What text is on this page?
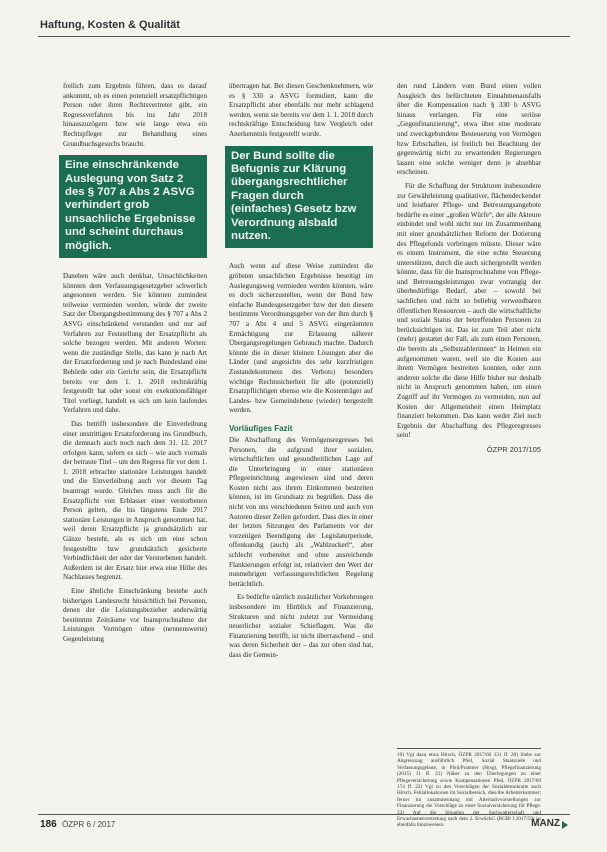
Haftung, Kosten & Qualität

freilich zum Ergebnis führen, dass es darauf ankommt, ob es einen potenziell ersatzpflichtigen Person oder ihren Rechtsvertreter gibt, ein Regressverfahren bis ins Jahr 2018 hinauszuzögern bzw wie lange etwa ein Rechtspfleger zur Behandlung eines Grundbuchsgesuchs braucht.

Eine einschränkende Auslegung von Satz 2 des § 707 a Abs 2 ASVG verhindert grob unsachliche Ergebnisse und scheint durchaus möglich.

Daneben wäre auch denkbar, Unsachlichkeiten könnten dem Verfassungsgesetzgeber schwerlich angesonnen werden. Sie könnten zumindest teilweise vermieden werden, würde der zweite Satz der Übergangsbestimmung des § 707 a Abs 2 ASVG einschränkend verstanden und nur auf Verfahren zur Feststellung der Ersatzpflicht als solche bezogen werden. Mit anderen Worten: wenn die zuständige Stelle, das kann je nach Art der Ersatzforderung und je nach Bundesland eine Behörde oder ein Gericht sein, die Ersatzpflicht bereits vor dem 1. 1. 2018 rechtskräftig festgestellt hat oder sonst ein exekutionsfähiger Titel vorliegt, handelt es sich um kein laufendes Verfahren und dahe.

Das betrifft insbesondere die Einverleibung einer unstrittigen Ersatzforderung ins Grundbuch, die demnach auch noch nach dem 31. 12. 2017 erfolgen kann, sofern es sich – wie auch vormals der betraute Titel – um den Regress für vor dem 1. 1. 2018 erbrachte stationäre Leistungen handelt und die Einverleibung auch vor diesem Tag beantragt wurde. Gleiches muss auch für die Ersatzpflicht von Erblasser einer verstorbenen Person gelten, die bis längstens Ende 2017 stationäre Leistungen in Anspruch genommen hat, weil deren Ersatzpflicht ja grundsätzlich zur Gänze besteht, als es sich um eine schon festgestellte bzw grundsätzlich gesicherte Verbindlichkeit der oder der Verstorbenen handelt. Außerdem ist der Ersatz hier etwa eine Höhe des Nachlasses begrenzt.

Eine ähnliche Einschränkung bestehe auch bisherigen Landesrecht hinsichtlich bei Personen, denen der die Leistungsbezieher anderwärtig bestimmte Zeiträume vor Inanspruchnahme der Leistungen Vermögen ohne (nennenswerte) Gegenleistung

übertragen hat. Bei diesen Geschenknehmern, wie es § 330 a ASVG formuliert, kann die Ersatzpflicht aber ebenfalls nur mehr schlagend werden, wenn sie bereits vor dem 1. 1. 2018 durch rechtskräftige Entscheidung bzw Vergleich oder Anerkenntnis festgestellt wurde.

Der Bund sollte die Befugnis zur Klärung übergangsrechtlicher Fragen durch (einfaches) Gesetz bzw Verordnung alsbald nutzen.

Auch wenn auf diese Weise zumindest die gröbsten unsachlichen Ergebnisse beseitigt im Auslegungsweg vermieden werden könnten, wäre es doch sicherzustellen, wenn der Bund bzw einfache Bundesgesetzgeber bzw der den diesem bestimmte Verordnungsgeber von der ihm durch § 707 a Abs 4 und 5 ASVG eingeräumten Ermächtigung zur Erlassung näherer Übergangsregelungen Gebrauch machte. Dadurch könnte die in dieser kleinen Lösungen aber die Länder (und angesichts des sehr kurzfristigen Zustandekommens des Verbots) besonders wichtige Rechtssicherheit für alle (potenziell) Ersatzpflichtigen ebenso wie die Kostenträger auf Landes- bzw Gemeindebene (wieder) hergestellt werden.

Vorläufiges Fazit

Die Abschaffung des Vermögensregresses bei Personen, die aufgrund ihrer sozialen, wirtschaftlichen und gesundheitlichen Lage auf die Unterbringung in einer stationären Pflegeeinrichtung angewiesen sind und deren Kosten nicht aus ihrem Einkommen bestreiten können, ist im Grundsatz zu begrüßen. Dass die nicht von uns verschiedenen Seiten und auch von Autoren dieser Zeilen gefordert. Dass dies in einer der letzten Sitzungen des Parlaments vor der vorzeitigen Beendigung der Legislaturperiode, offenkundig (auch) als „Wahlzuckerl“, aber schlecht vorbereitet und ohne ausreichende Flankierungen erfolgt ist, relativiert den Wert der nunmehrigen verfassungsrechtlichen Regelung beträchtlich.

Es bedürfte nämlich zusätzlicher Vorkehrungen insbesondere im Hinblick auf Finanzierung, Strukturen und nicht zuletzt zur Vermeidung neuerlicher sozialer Schieflagen. Was die Finanzierung betrifft, ist nicht überraschend – und was deren Sicherheit der – das zur oben sind hat, dass die Gemein-

den rund Ländern vom Bund einen vollen Ausgleich des befürchteten Einnahmenausfalls über die Kompensation nach § 330 b ASVG hinaus verlangen. Für eine seriöse „Gegenfinanzierung“, etwa über eine moderate und zweckgebundene Besteuerung von Vermögen bzw Erbschaften, ist freilich bei Beachtung der gegenwärtig nicht zu erwartenden Regierungen lassen eine solche weniger denn je absehbar erscheinen.

Für die Schaffung der Strukturen insbesondere zur Gewährleistung qualitativer, flächendeckender und leistbarer Pflege- und Betreuungsangebote bedürfte es einer „großen Würfe“, der alle Akteure einbindet und wohl nicht nur im Zusammenhang mit einer grundsätzlichen Reform der Dotierung des Pflegefonds vorbringen müsste. Dieser wäre es einem Instrument, die eine echte Steuerung unterstützen, durch die auch sichergestellt werden könnte, dass für die Inanspruchnahme von Pflege- und Betreuungsleistungen zwar vorrangig der überbedürftige Bedarf, aber – sowohl bei sachlichen und nicht so beliebig verwendbaren öffentlichen Ressourcen – auch die wirtschaftliche und soziale Status der betreffenden Personen zu berücksichtigen ist. Das ist zum Teil aber nicht (mehr) gestattet der Fall, als zum einen Personen, die bereits als „Selbstzahlerinnen“ in Heimen ein aufgenommen waren, weil sie die Kosten aus ihrem Vermögen bestreiten konnten, oder zum anderen solche die diese Hilfe bisher nur deshalb nicht in Anspruch genommen haben, um einen Zugriff auf ihr Vermögen zu vermeiden, nun auf Kosten der Allgemeinheit einen Heimplatz finanziert bekommen. Das kann weder Ziel noch Ergebnis der Abschaffung des Pflegeregresses sein!

ÖZPR 2017/105
19) Vgl dazu etwa Hirsch, ÖZPR 2017/66 131 ff. 20) Siehe zur Abgrenzung ausführlich Pfeil, Sozial Staatsziele und Verfassungsgebote, in Pfeil/Prantner (Hrsg), Pflegefinanzierung (2015) 11 ff. 21) Näher zu den Überlegungen zu einer Pflegeversicherung sowie Kompensationen Pfeil, ÖZPR 2017/69 174 ff. 22) Vgl zu den Vorschlägen der Sozialdemokratie auch Hirsch, Fehlallokationen im Sozialbereich, dies/die Arbeiterkammer; ferner im zusammenhang mit Alternativvorstellungen zur Finanzierung die Vorschläge zu einer Sozialversicherung für Pflege. 23) Auf die Situation der Sachwalterschaft und Erwachsenenvertretung nach dem 2. ErwSchG (BGBl I 2017/59) ist ebenfalls hinzuweisen.
186 ÖZPR 6 / 2017	MANZ
